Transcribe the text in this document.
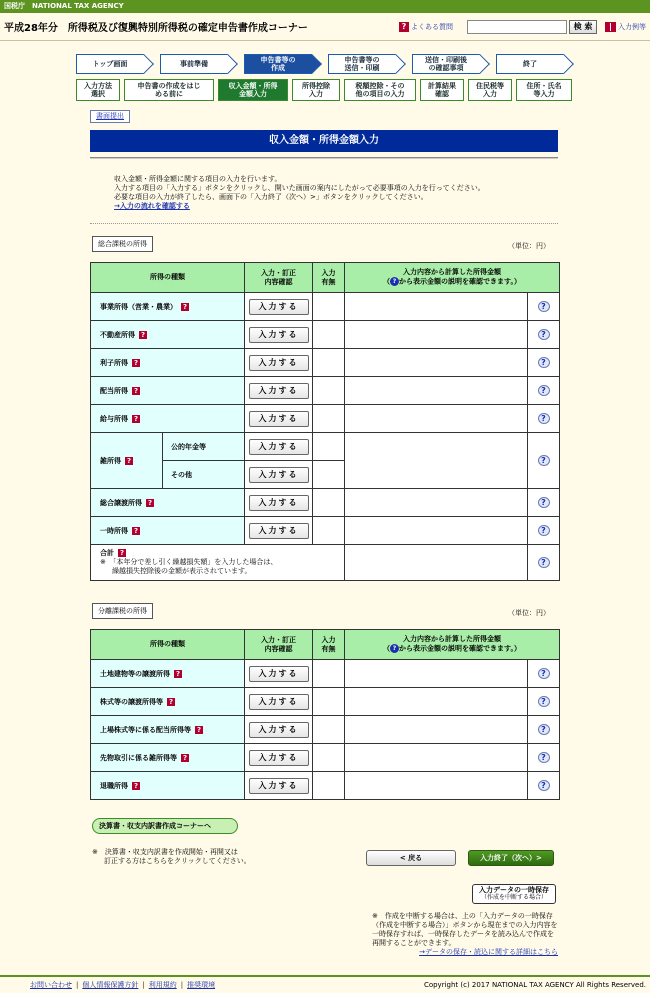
国税庁　NATIONAL TAX AGENCY
平成28年分　所得税及び復興特別所得税の確定申告書作成コーナー	? よくある質問	検 索	入力例等
トップ画面	事前準備	申告書等の
作成
申告書等の
送信・印刷
送信・印刷後
の確認事項	終了
入力方法
選択
申告書の作成をはじ
める前に
収入金額・所得
金額入力
所得控除
入力
税額控除・その
他の項目の入力
計算結果
確認
住民税等
入力
住所・氏名
等入力
書面提出
収入金額・所得金額入力
収入金額・所得金額に関する項目の入力を行います。
入力する項目の「入力する」ボタンをクリックし、開いた画面の案内にしたがって必要事項の入力を行ってください。
必要な項目の入力が終了したら、画面下の「入力終了（次へ）>」ボタンをクリックしてください。
→入力の流れを確認する
総合課税の所得	（単位：円）
所得の種類		入力・訂正
内容確認	入力
有無	入力内容から計算した所得金額
（ ? から表示金額の説明を確認できます。）	
事業所得（営業・農業） ?		入力する			?
不動産所得 ?		入力する			?
利子所得 ?		入力する			?
配当所得 ?		入力する			?
給与所得 ?		入力する			?
雑所得 ?	公的年金等	入力する			?
	その他	入力する			
総合譲渡所得 ?		入力する			?
一時所得 ?		入力する			?
合計 ?
※　「本年分で差し引く繰越損失額」を入力した場合は、
繰越損失控除後の金額が表示されています。					?
分離課税の所得	（単位：円）
所得の種類	入力・訂正
内容確認	入力
有無	入力内容から計算した所得金額
（ ? から表示金額の説明を確認できます。）	
土地建物等の譲渡所得 ?	入力する			?
株式等の譲渡所得等 ?	入力する			?
上場株式等に係る配当所得等 ?	入力する			?
先物取引に係る雑所得等 ?	入力する			?
退職所得 ?	入力する			?
決算書・収支内訳書作成コーナーへ
※　決算書・収支内訳書を作成開始・再開又は
訂正する方はこちらをクリックしてください。	< 戻る	入力終了（次へ）>
入力データの一時保存
（作成を中断する場合）
※　作成を中断する場合は、上の「入力データの一時保存（作成を中断する場合）」ボタンから現在までの入力内容を一時保存すれば、一時保存したデータを読み込んで作成を再開することができます。
→データの保存・読込に関する詳細はこちら
お問い合わせ | 個人情報保護方針 | 利用規約 | 推奨環境	Copyright (c) 2017 NATIONAL TAX AGENCY All Rights Reserved.
